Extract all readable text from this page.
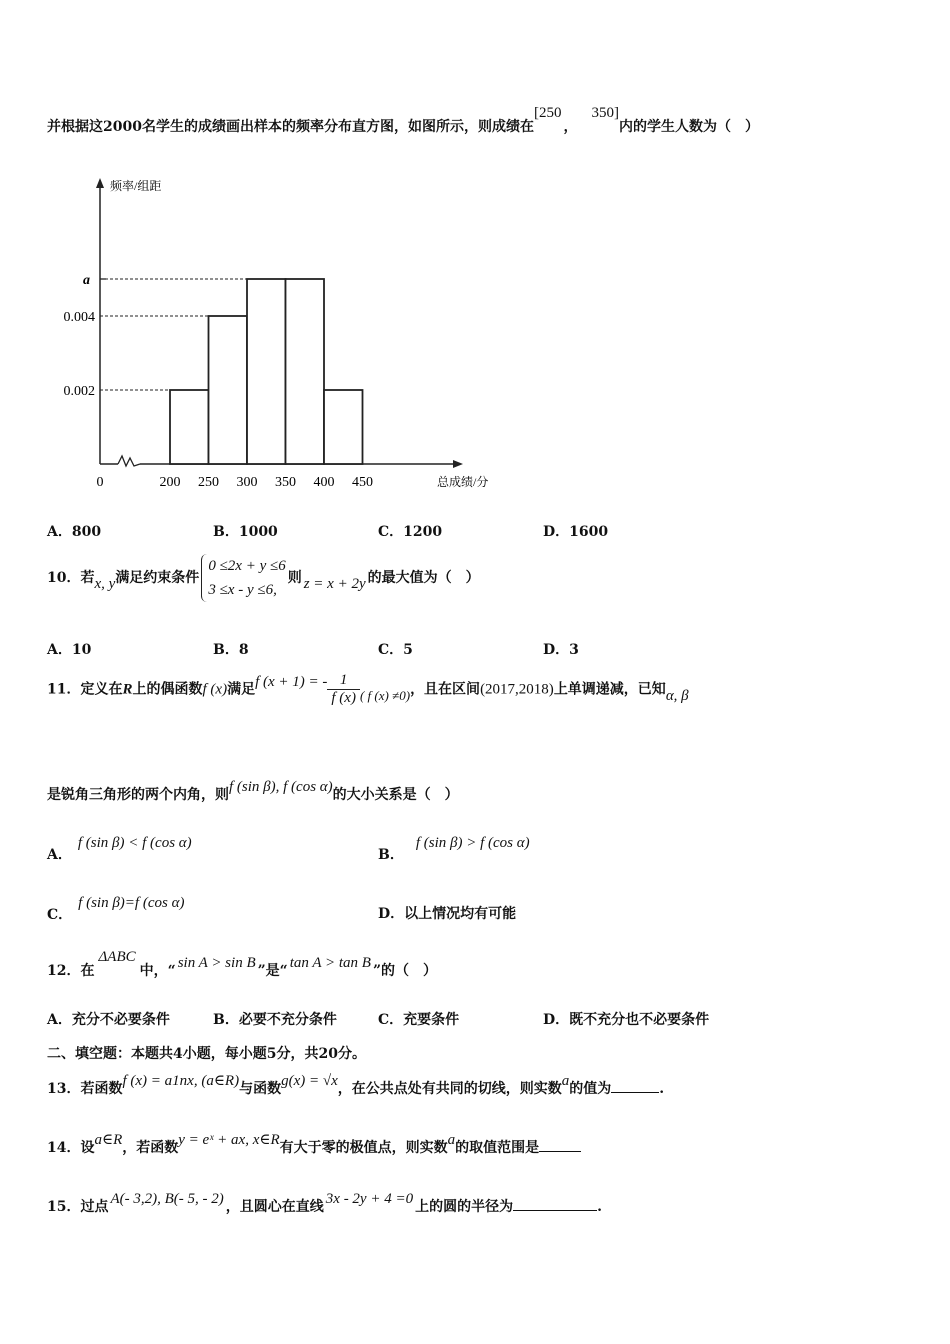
并根据这2000名学生的成绩画出样本的频率分布直方图，如图所示，则成绩在[250，350]内的学生人数为（　）
频率/组距
a
0.004
0.002
0	200 250 300 350 400 450	总成绩/分
A．800	B．1000	C．1200	D．1600
10．若x, y满足约束条件
0 ≤2x + y ≤6
3 ≤x - y ≤6,
则 z = x + 2y 的最大值为（　）
A．10	B．8	C．5	D．3
11．定义在R上的偶函数f (x)满足f (x + 1) = - $\frac{1}{f (x)}$ ( f (x) ≠0)，且在区间(2017,2018)上单调递减，已知α, β
是锐角三角形的两个内角，则f (sin β), f (cos α)的大小关系是（　）
A．f (sin β) < f (cos α)
B．f (sin β) > f (cos α)
C．f (sin β)=f (cos α)
D．以上情况均有可能
12．在ΔABC中，“ sin A > sin B ”是“ tan A > tan B ”的（　）
A．充分不必要条件	B．必要不充分条件	C．充要条件	D．既不充分也不必要条件
二、填空题：本题共4小题，每小题5分，共20分。
13．若函数f (x) = a1nx, (a∈R)与函数g(x) = √x，在公共点处有共同的切线，则实数a的值为	.
14．设a∈R，若函数y = eˣ + ax, x∈R有大于零的极值点，则实数a的取值范围是
15．过点 A(- 3,2), B(- 5, - 2) ，且圆心在直线 3x - 2y + 4 =0 上的圆的半径为	.
